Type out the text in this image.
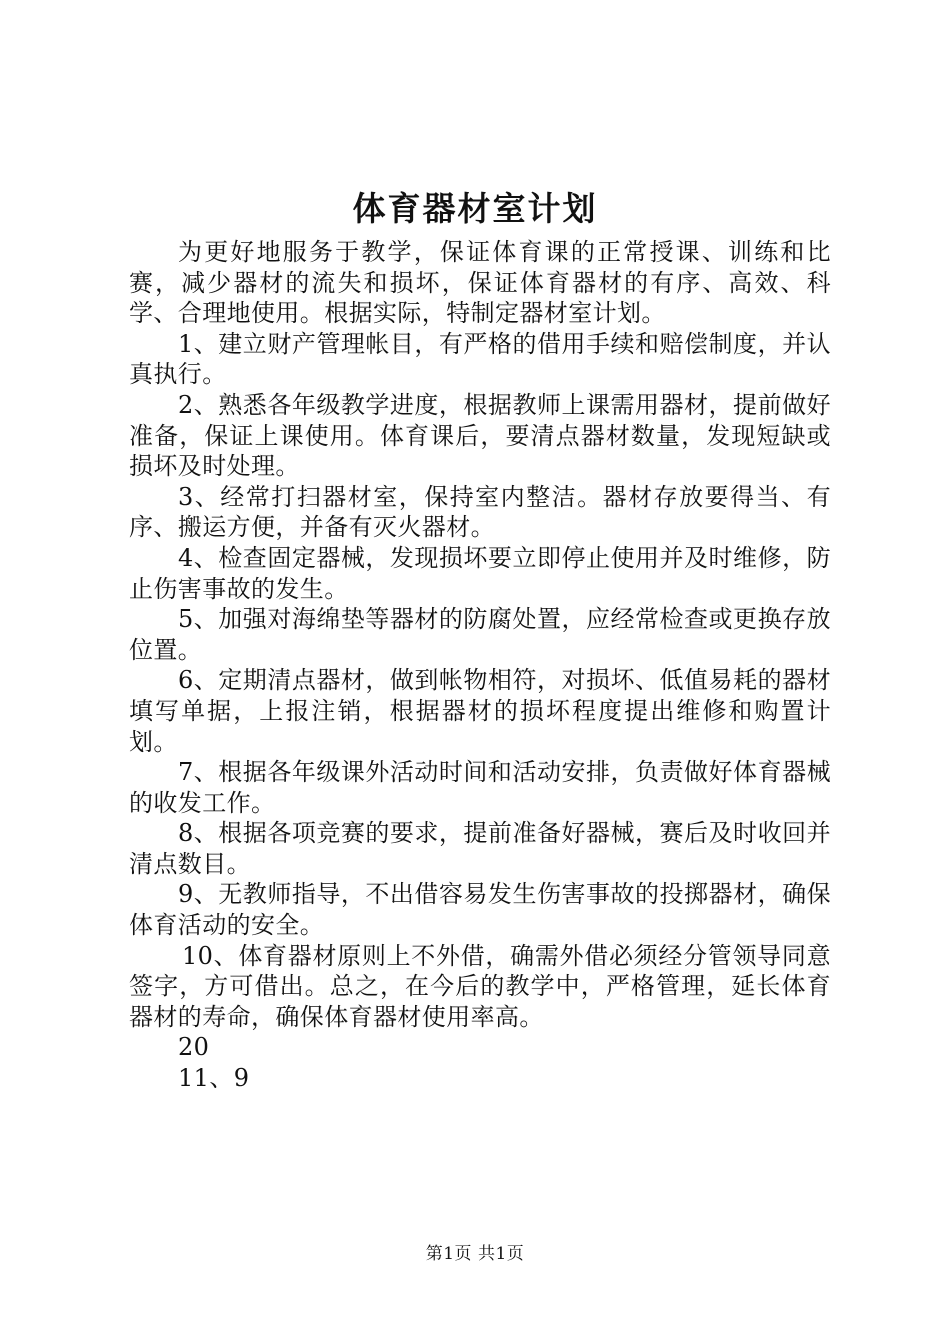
体育器材室计划

为更好地服务于教学，保证体育课的正常授课、训练和比赛，减少器材的流失和损坏，保证体育器材的有序、高效、科学、合理地使用。根据实际，特制定器材室计划。

1、建立财产管理帐目，有严格的借用手续和赔偿制度，并认真执行。

2、熟悉各年级教学进度，根据教师上课需用器材，提前做好准备，保证上课使用。体育课后，要清点器材数量，发现短缺或损坏及时处理。

3、经常打扫器材室，保持室内整洁。器材存放要得当、有序、搬运方便，并备有灭火器材。

4、检查固定器械，发现损坏要立即停止使用并及时维修，防止伤害事故的发生。

5、加强对海绵垫等器材的防腐处置，应经常检查或更换存放位置。

6、定期清点器材，做到帐物相符，对损坏、低值易耗的器材填写单据，上报注销，根据器材的损坏程度提出维修和购置计划。

7、根据各年级课外活动时间和活动安排，负责做好体育器械的收发工作。

8、根据各项竞赛的要求，提前准备好器械，赛后及时收回并清点数目。

9、无教师指导，不出借容易发生伤害事故的投掷器材，确保体育活动的安全。

10、体育器材原则上不外借，确需外借必须经分管领导同意签字，方可借出。总之，在今后的教学中，严格管理，延长体育器材的寿命，确保体育器材使用率高。

20

11、9

第1页 共1页
